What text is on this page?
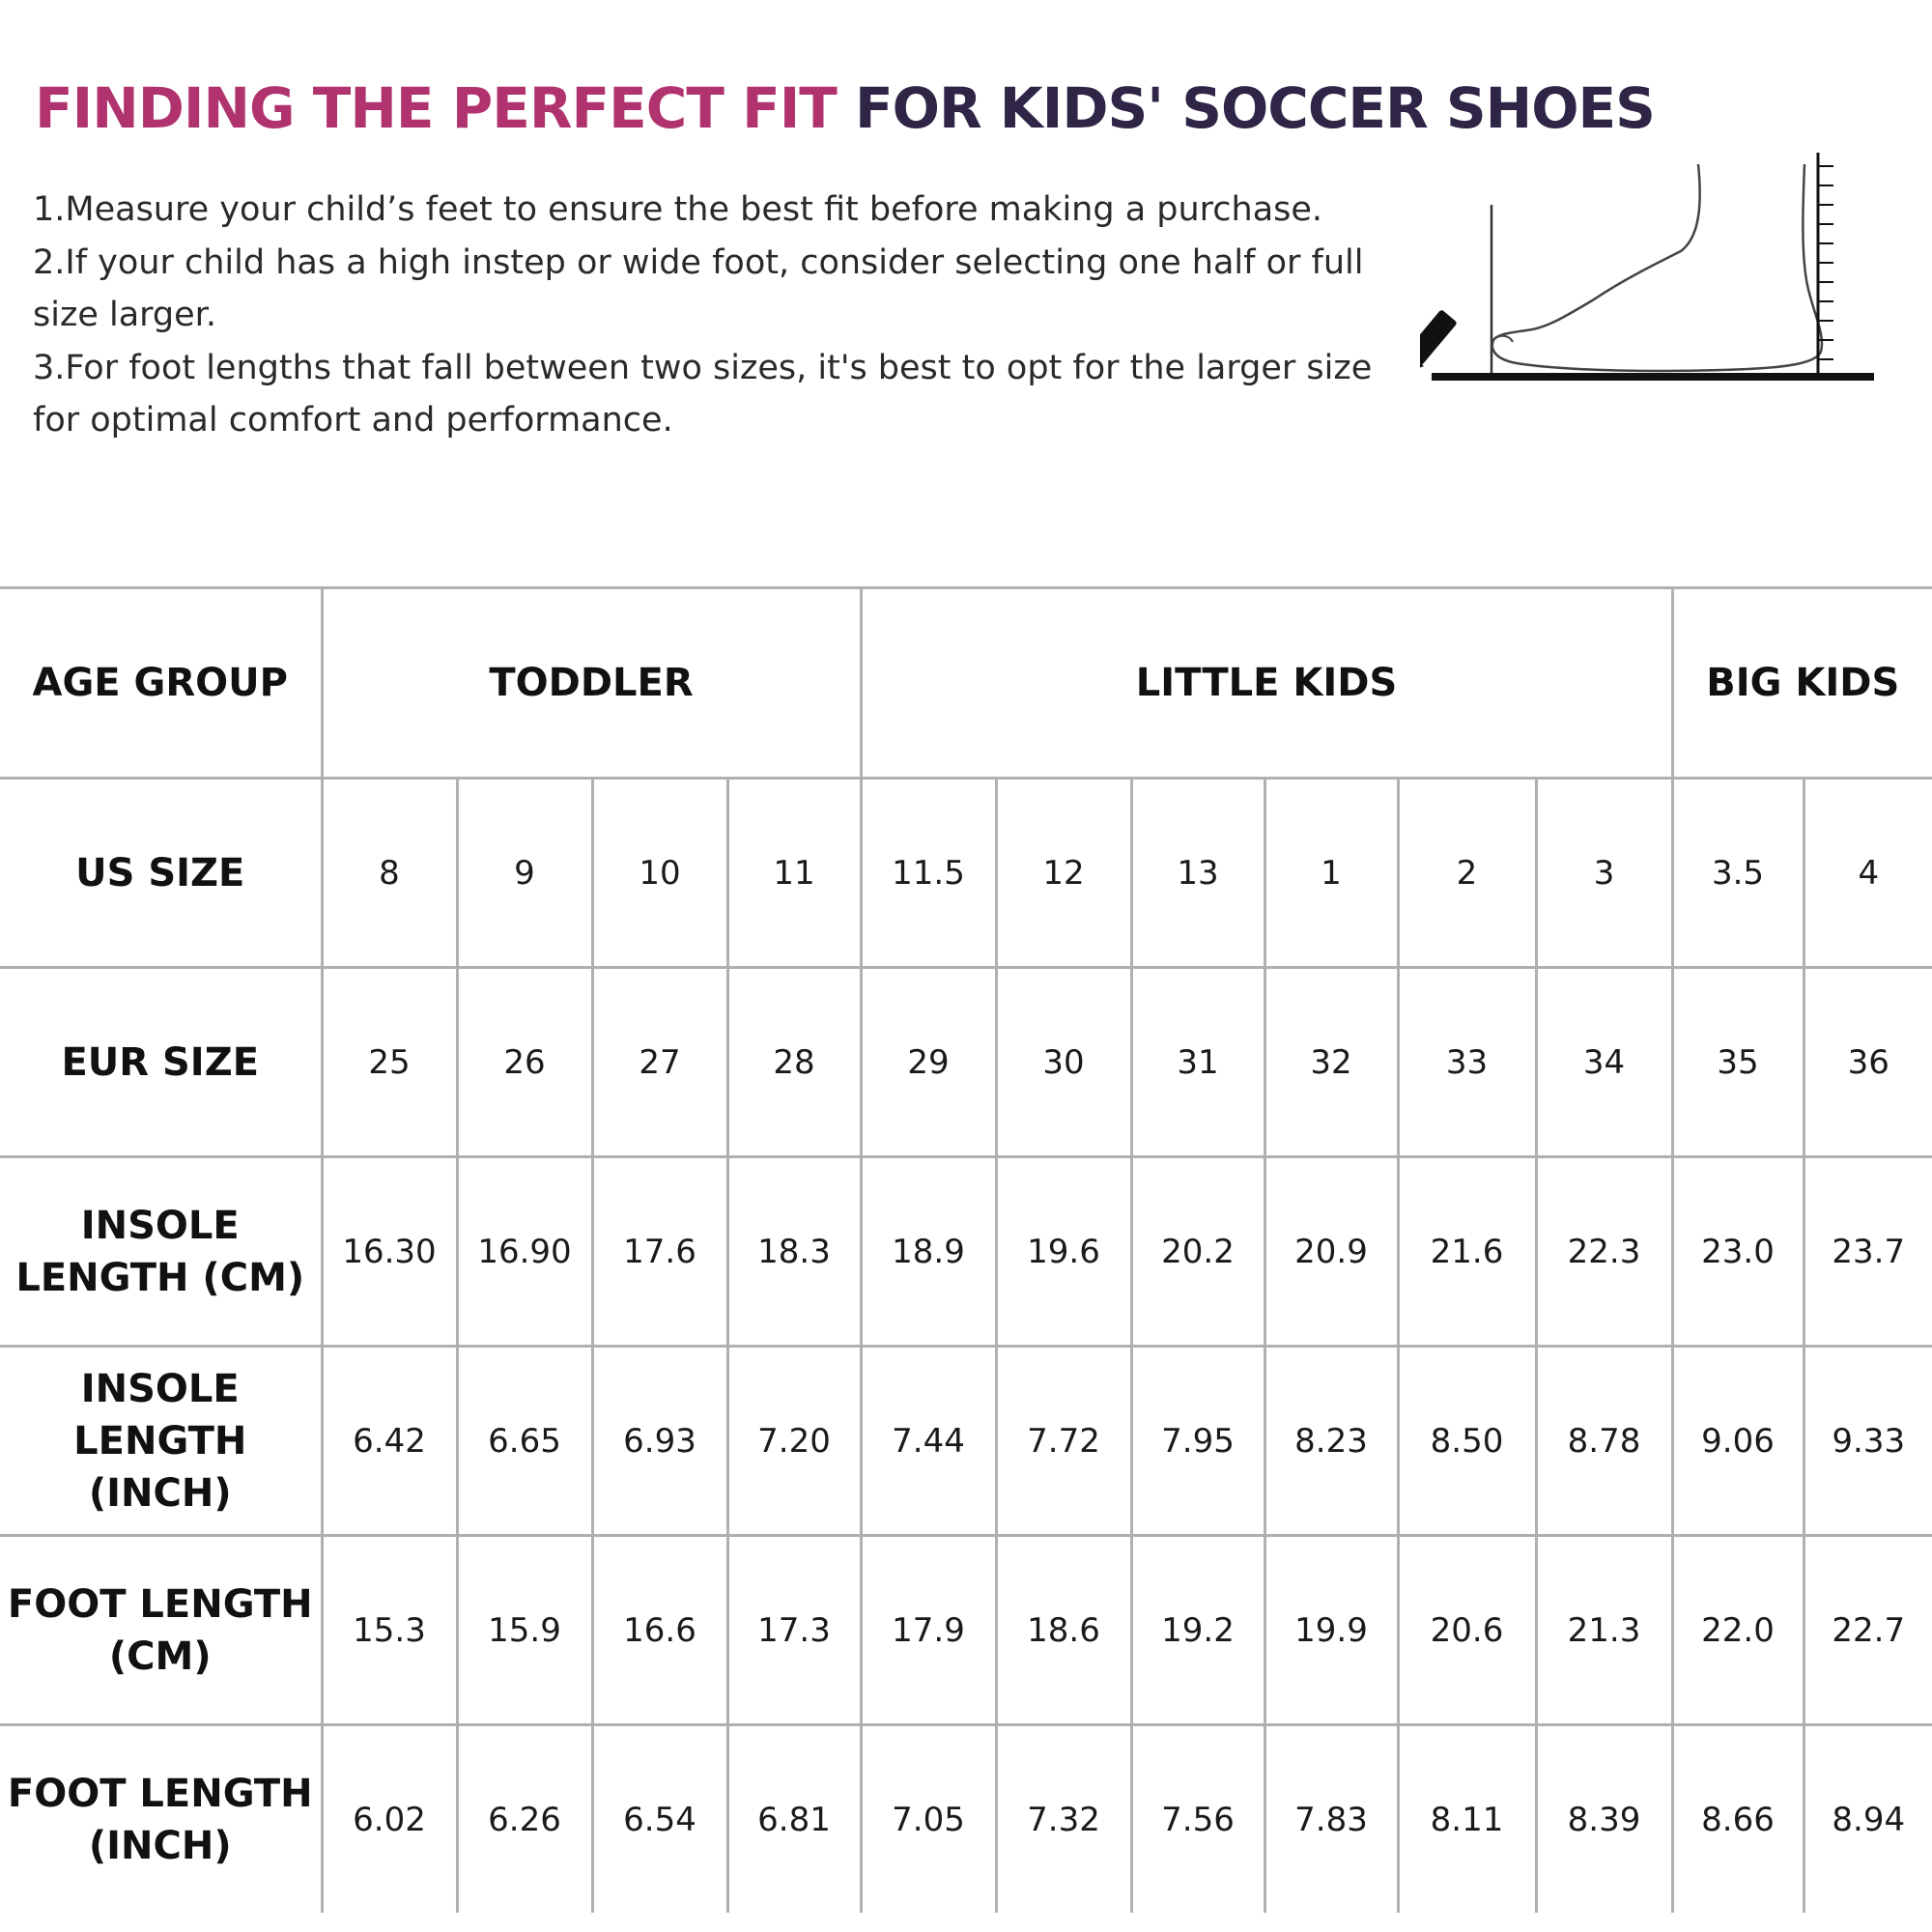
FINDING THE PERFECT FIT FOR KIDS' SOCCER SHOES

1.Measure your child’s feet to ensure the best fit before making a purchase.

2.If your child has a high instep or wide foot, consider selecting one half or full size larger.

3.For foot lengths that fall between two sizes, it's best to opt for the larger size for optimal comfort and performance.

AGE GROUP	TODDLER				LITTLE KIDS						BIG KIDS	
US SIZE	8	9	10	11	11.5	12	13	1	2	3	3.5	4
EUR SIZE	25	26	27	28	29	30	31	32	33	34	35	36
INSOLE LENGTH (CM)	16.30	16.90	17.6	18.3	18.9	19.6	20.2	20.9	21.6	22.3	23.0	23.7
INSOLE LENGTH (INCH)	6.42	6.65	6.93	7.20	7.44	7.72	7.95	8.23	8.50	8.78	9.06	9.33
FOOT LENGTH (CM)	15.3	15.9	16.6	17.3	17.9	18.6	19.2	19.9	20.6	21.3	22.0	22.7
FOOT LENGTH (INCH)	6.02	6.26	6.54	6.81	7.05	7.32	7.56	7.83	8.11	8.39	8.66	8.94
